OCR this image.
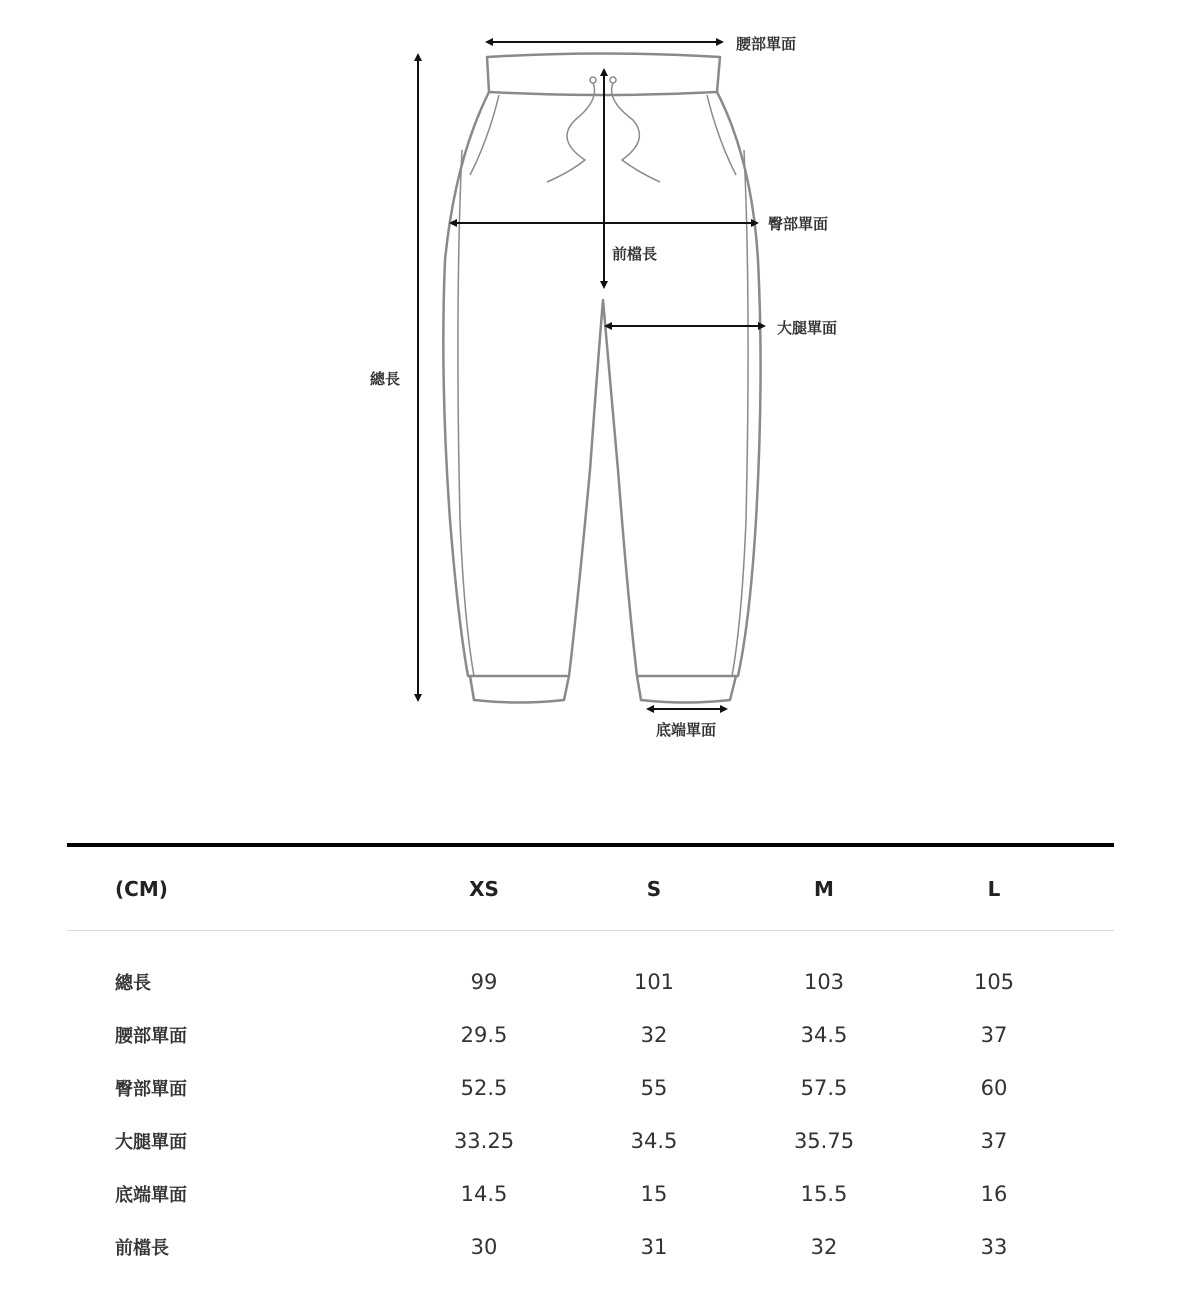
腰部單面
臀部單面
前檔長
大腿單面
總長
底端單面
(CM)	XS	S	M	L
總長	99	101	103	105
腰部單面	29.5	32	34.5	37
臀部單面	52.5	55	57.5	60
大腿單面	33.25	34.5	35.75	37
底端單面	14.5	15	15.5	16
前檔長	30	31	32	33
